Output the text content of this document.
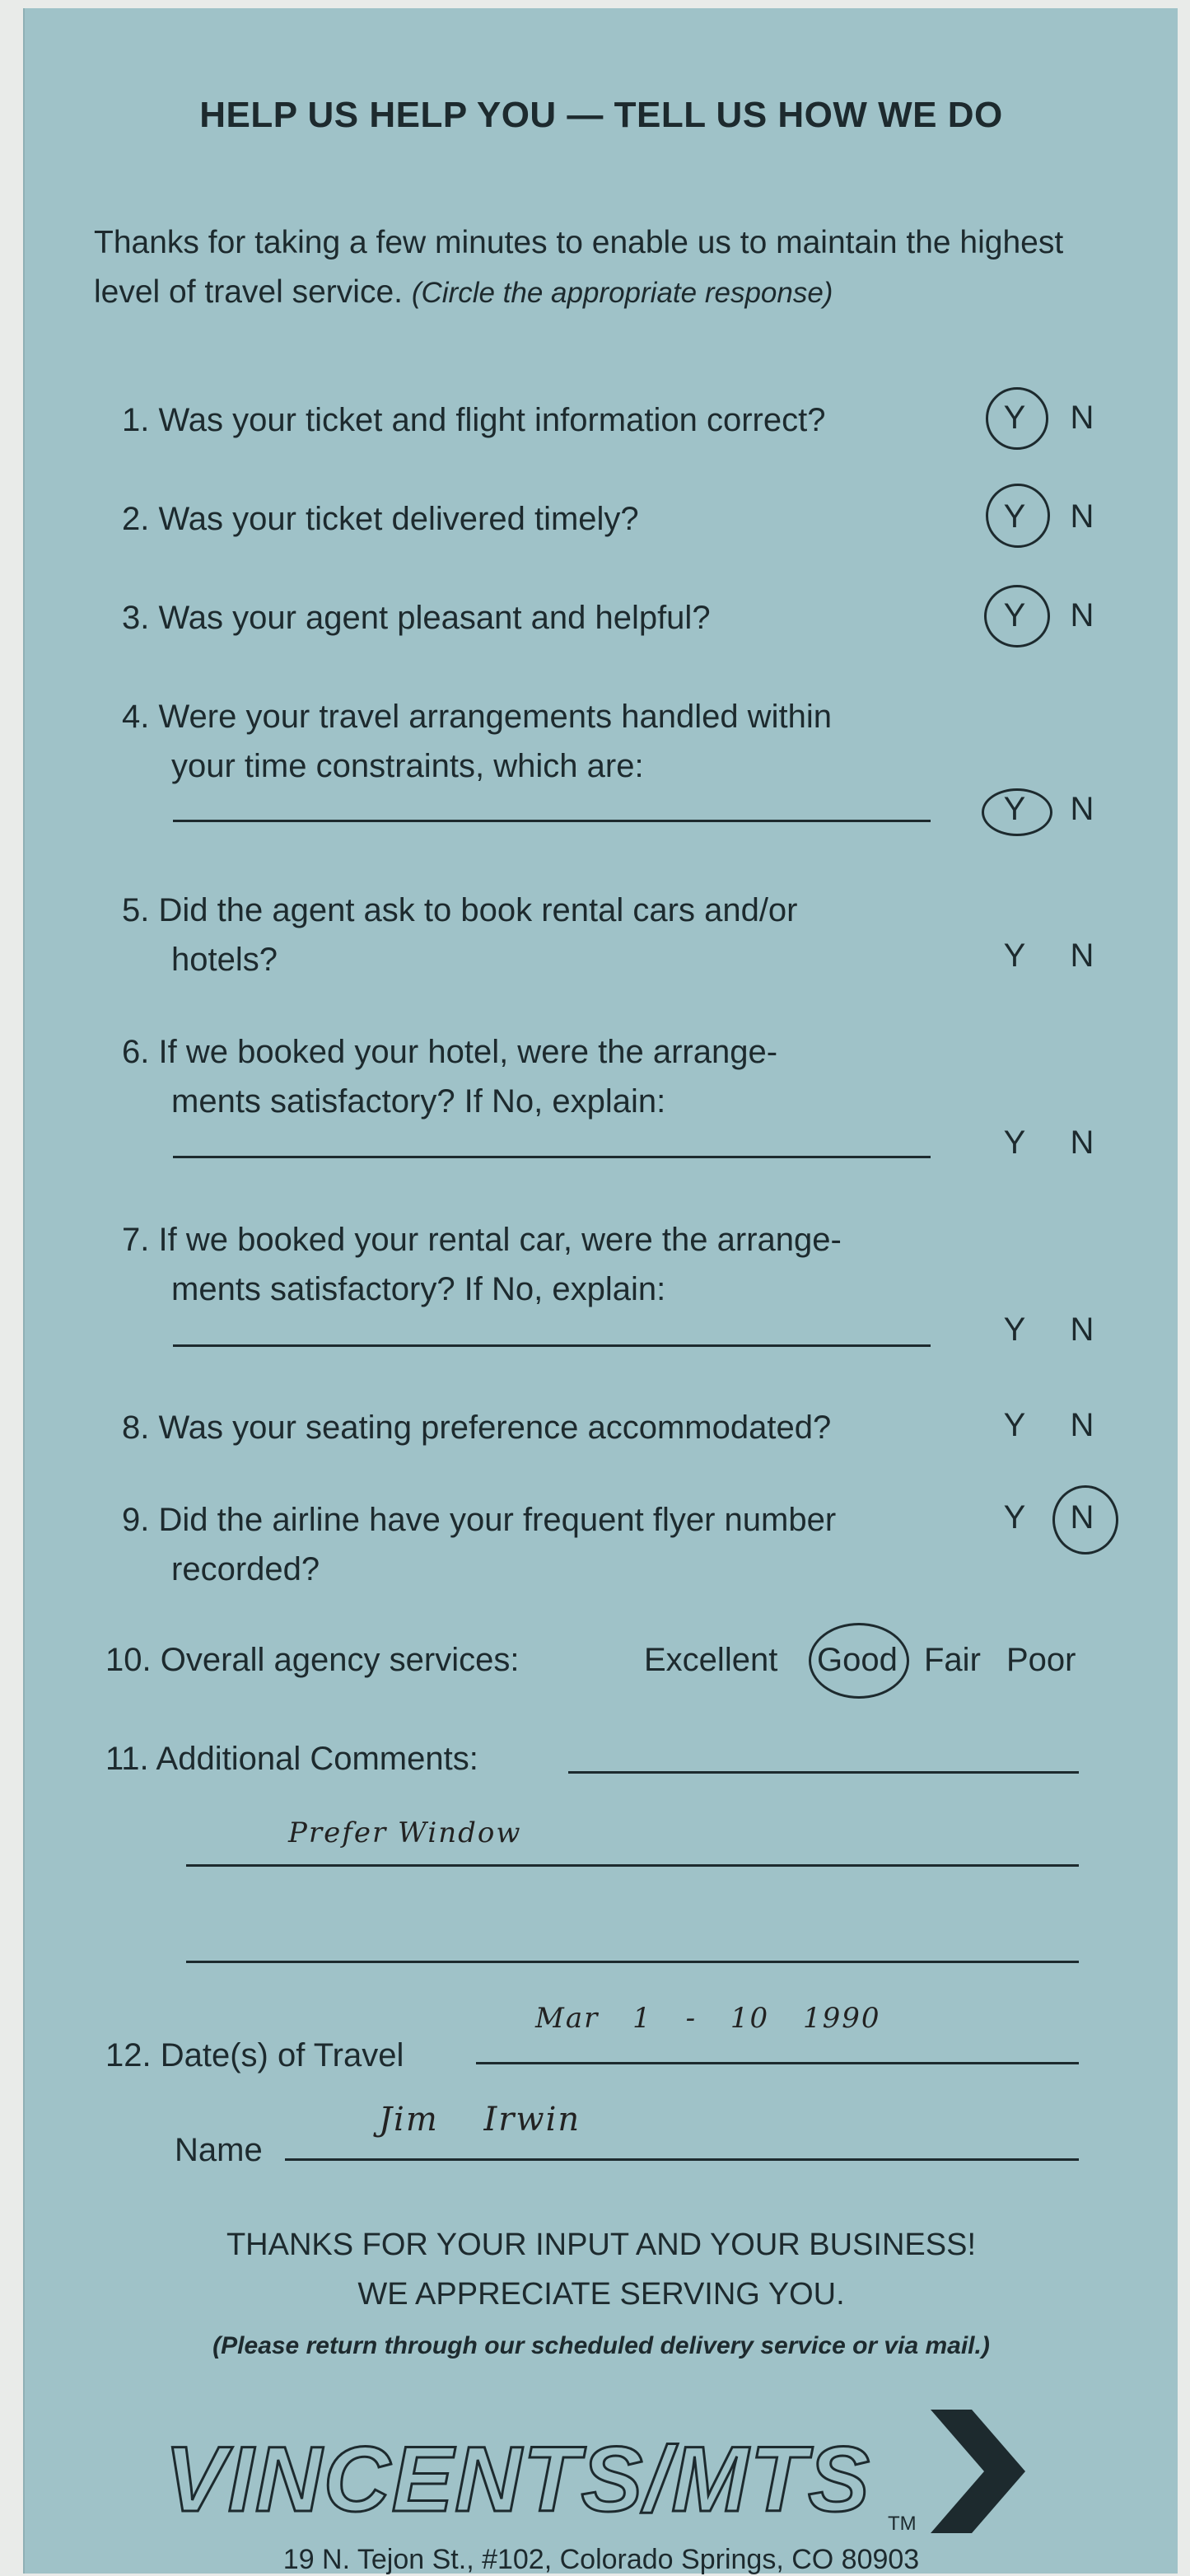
HELP US HELP YOU — TELL US HOW WE DO
Thanks for taking a few minutes to enable us to maintain the highest level of travel service. (Circle the appropriate response)
1. Was your ticket and flight information correct?	Y N
2. Was your ticket delivered timely?	Y N
3. Was your agent pleasant and helpful?	Y N
4. Were your travel arrangements handled within
your time constraints, which are:
Y N
5. Did the agent ask to book rental cars and/or
hotels?	Y N
6. If we booked your hotel, were the arrange-
ments satisfactory? If No, explain:
Y N
7. If we booked your rental car, were the arrange-
ments satisfactory? If No, explain:
Y N
8. Was your seating preference accommodated?	Y N
9. Did the airline have your frequent flyer number
recorded?
Y N
10. Overall agency services:	Excellent Good Fair Poor
11. Additional Comments:
Prefer Window
12. Date(s) of Travel
Mar 1 - 10 1990
Name
Jim Irwin
THANKS FOR YOUR INPUT AND YOUR BUSINESS!
WE APPRECIATE SERVING YOU.
(Please return through our scheduled delivery service or via mail.)
VINCENTS/MTS TM
19 N. Tejon St., #102, Colorado Springs, CO 80903
